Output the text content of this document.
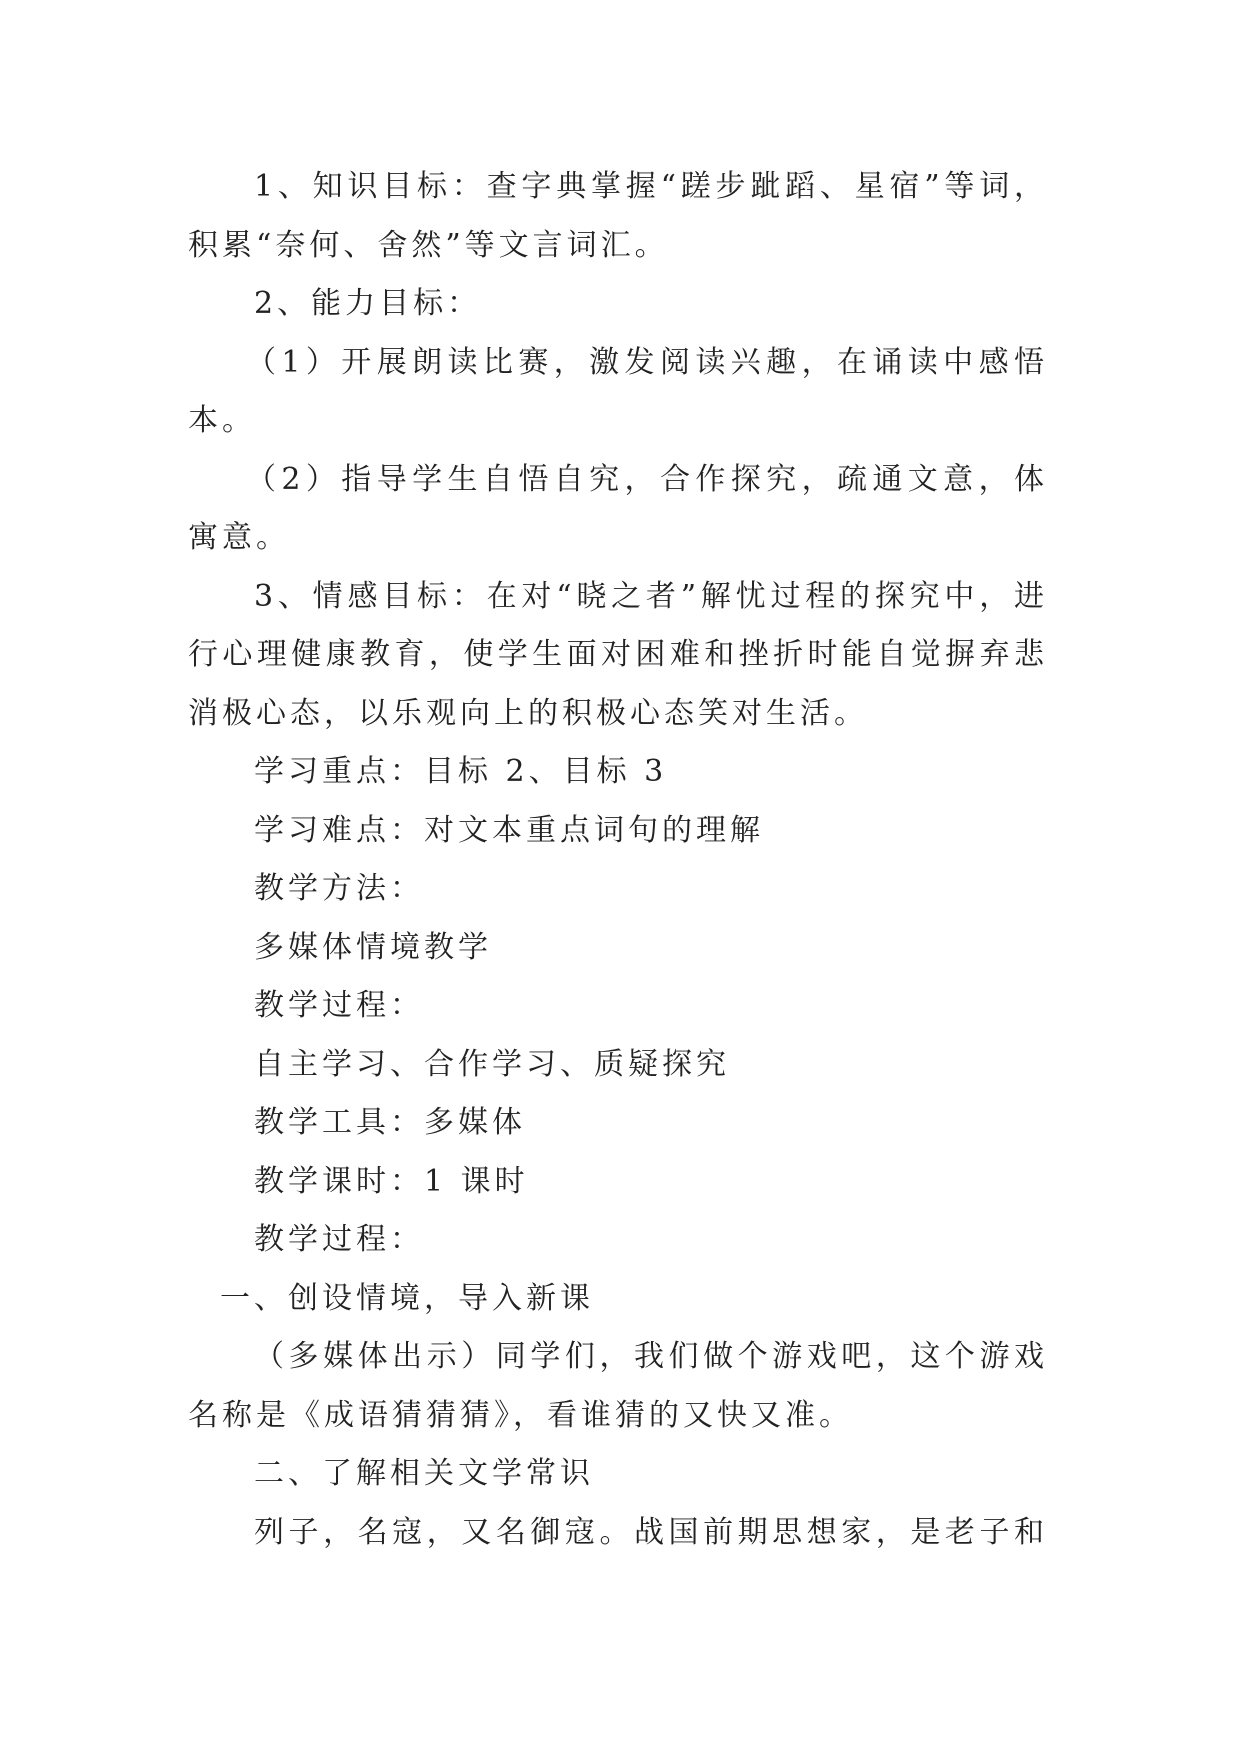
1、知识目标：查字典掌握“蹉步跐蹈、星宿”等词，
积累“奈何、舍然”等文言词汇。
2、能力目标：
（1）开展朗读比赛，激发阅读兴趣，在诵读中感悟
本。
（2）指导学生自悟自究，合作探究，疏通文意，体
寓意。
3、情感目标：在对“晓之者”解忧过程的探究中，进
行心理健康教育，使学生面对困难和挫折时能自觉摒弃悲
消极心态，以乐观向上的积极心态笑对生活。
学习重点：目标 2、目标 3
学习难点：对文本重点词句的理解
教学方法：
多媒体情境教学
教学过程：
自主学习、合作学习、质疑探究
教学工具：多媒体
教学课时：1 课时
教学过程：
一、创设情境，导入新课
（多媒体出示）同学们，我们做个游戏吧，这个游戏
名称是《成语猜猜猜》，看谁猜的又快又准。
二、了解相关文学常识
列子，名寇，又名御寇。战国前期思想家，是老子和
